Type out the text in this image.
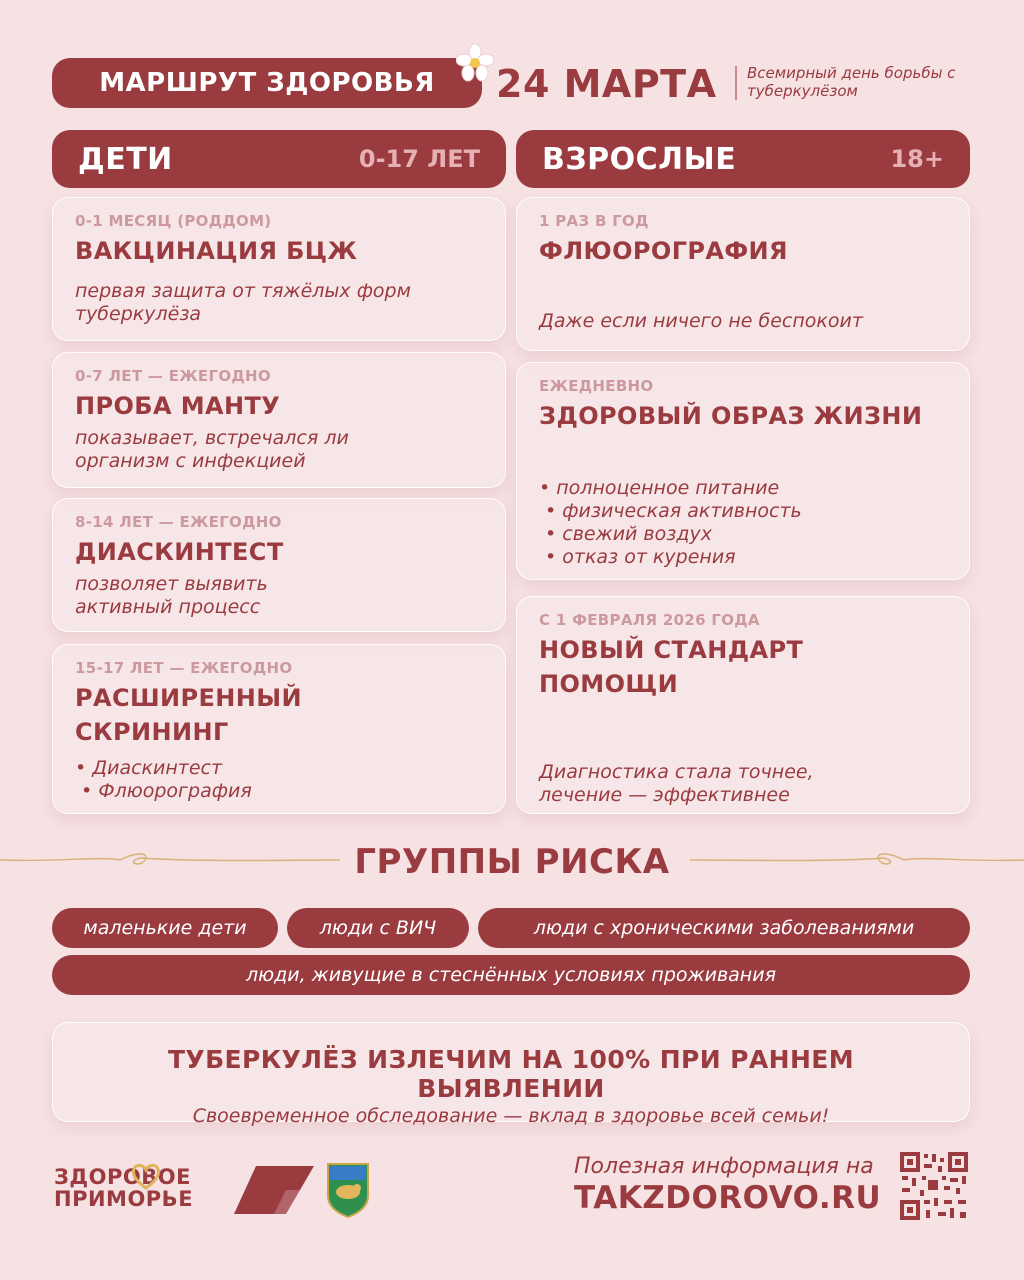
МАРШРУТ ЗДОРОВЬЯ	24 МАРТА Всемирный день борьбы с туберкулёзом
ДЕТИ	0-17 ЛЕТ ВЗРОСЛЫЕ	18+
0-1 МЕСЯЦ (РОДДОМ)
ВАКЦИНАЦИЯ БЦЖ
первая защита от тяжёлых форм туберкулёза
0-7 ЛЕТ — ЕЖЕГОДНО
ПРОБА МАНТУ
показывает, встречался ли организм с инфекцией
8-14 ЛЕТ — ЕЖЕГОДНО
ДИАСКИНТЕСТ
позволяет выявить активный процесс
15-17 ЛЕТ — ЕЖЕГОДНО
РАСШИРЕННЫЙ СКРИНИНГ
• Диаскинтест
• Флюорография
1 РАЗ В ГОД
ФЛЮОРОГРАФИЯ
Даже если ничего не беспокоит
ЕЖЕДНЕВНО
ЗДОРОВЫЙ ОБРАЗ ЖИЗНИ
• полноценное питание
• физическая активность
• свежий воздух
• отказ от курения
С 1 ФЕВРАЛЯ 2026 ГОДА
НОВЫЙ СТАНДАРТ ПОМОЩИ
Диагностика стала точнее, лечение — эффективнее
ГРУППЫ РИСКА
маленькие дети	люди с ВИЧ	люди с хроническими заболеваниями
люди, живущие в стеснённых условиях проживания
ТУБЕРКУЛЁЗ ИЗЛЕЧИМ НА 100% ПРИ РАННЕМ ВЫЯВЛЕНИИ
Своевременное обследование — вклад в здоровье всей семьи!
ЗДОРОВОЕ
ПРИМОРЬЕ
Полезная информация на
TAKZDOROVO.RU
